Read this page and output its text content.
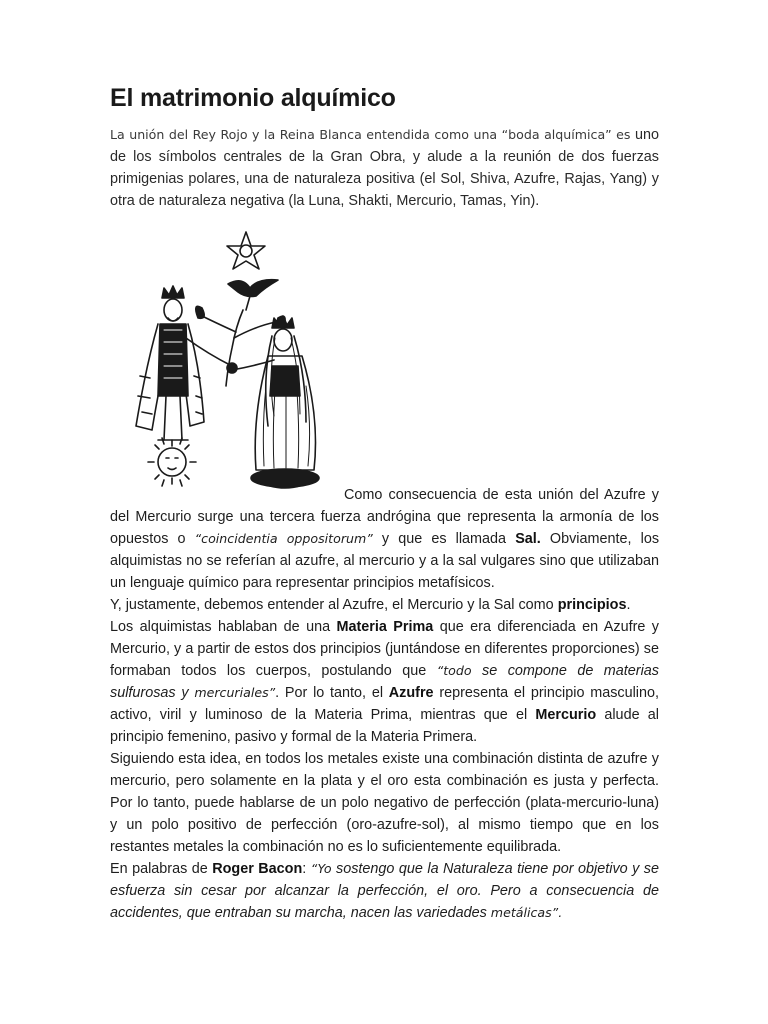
El matrimonio alquímico

La unión del Rey Rojo y la Reina Blanca entendida como una “boda alquímica” es uno de los símbolos centrales de la Gran Obra, y alude a la reunión de dos fuerzas primigenias polares, una de naturaleza positiva (el Sol, Shiva, Azufre, Rajas, Yang) y otra de naturaleza negativa (la Luna, Shakti, Mercurio, Tamas, Yin).

Como consecuencia de esta unión del Azufre y del Mercurio surge una tercera fuerza andrógina que representa la armonía de los opuestos o “coincidentia oppositorum” y que es llamada Sal. Obviamente, los alquimistas no se referían al azufre, al mercurio y a la sal vulgares sino que utilizaban un lenguaje químico para representar principios metafísicos.

Y, justamente, debemos entender al Azufre, el Mercurio y la Sal como principios.

Los alquimistas hablaban de una Materia Prima que era diferenciada en Azufre y Mercurio, y a partir de estos dos principios (juntándose en diferentes proporciones) se formaban todos los cuerpos, postulando que “todo se compone de materias sulfurosas y mercuriales”. Por lo tanto, el Azufre representa el principio masculino, activo, viril y luminoso de la Materia Prima, mientras que el Mercurio alude al principio femenino, pasivo y formal de la Materia Primera.

Siguiendo esta idea, en todos los metales existe una combinación distinta de azufre y mercurio, pero solamente en la plata y el oro esta combinación es justa y perfecta. Por lo tanto, puede hablarse de un polo negativo de perfección (plata-mercurio-luna) y un polo positivo de perfección (oro-azufre-sol), al mismo tiempo que en los restantes metales la combinación no es lo suficientemente equilibrada.

En palabras de Roger Bacon: “Yo sostengo que la Naturaleza tiene por objetivo y se esfuerza sin cesar por alcanzar la perfección, el oro. Pero a consecuencia de accidentes, que entraban su marcha, nacen las variedades metálicas”.
